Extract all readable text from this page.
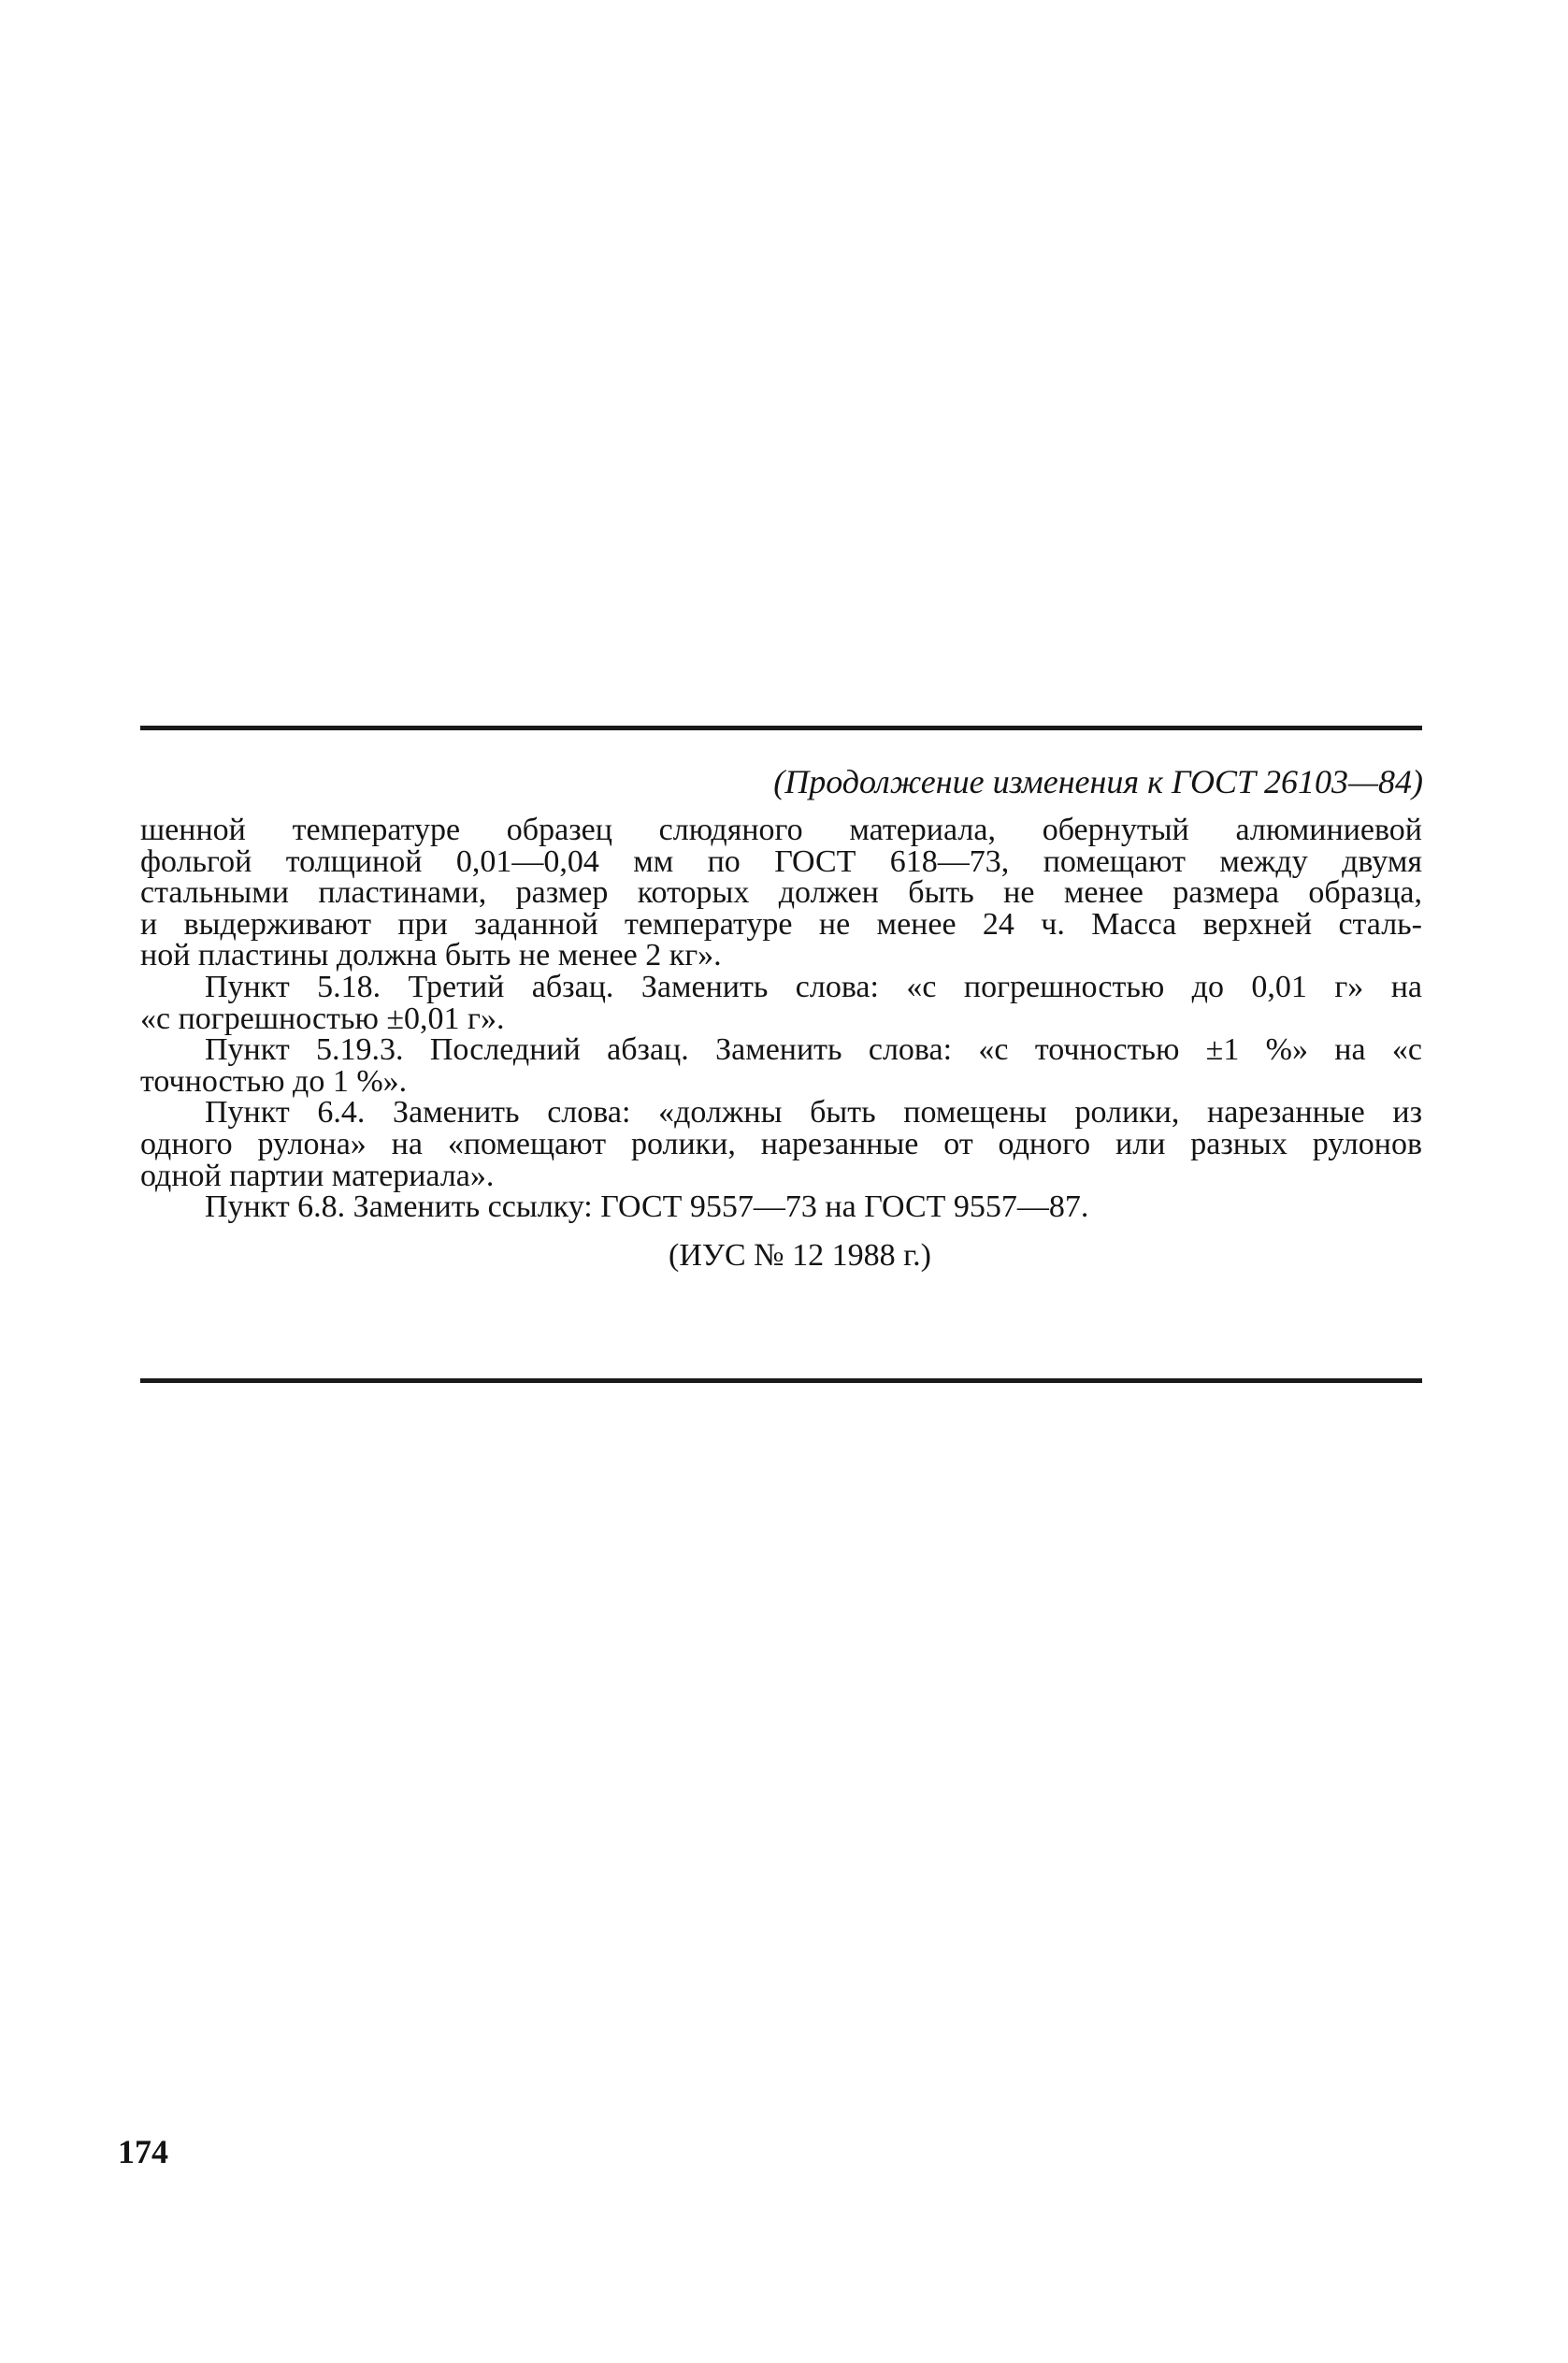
(Продолжение изменения к ГОСТ 26103—84)
шенной температуре образец слюдяного материала, обернутый алюминиевой
фольгой толщиной 0,01—0,04 мм по ГОСТ 618—73, помещают между двумя
стальными пластинами, размер которых должен быть не менее размера образца,
и выдерживают при заданной температуре не менее 24 ч. Масса верхней сталь-
ной пластины должна быть не менее 2 кг».
Пункт 5.18. Третий абзац. Заменить слова: «с погрешностью до 0,01 г» на
«с погрешностью ±0,01 г».
Пункт 5.19.3. Последний абзац. Заменить слова: «с точностью ±1 %» на «с
точностью до 1 %».
Пункт 6.4. Заменить слова: «должны быть помещены ролики, нарезанные из
одного рулона» на «помещают ролики, нарезанные от одного или разных рулонов
одной партии материала».
Пункт 6.8. Заменить ссылку: ГОСТ 9557—73 на ГОСТ 9557—87.
(ИУС № 12 1988 г.)
174
